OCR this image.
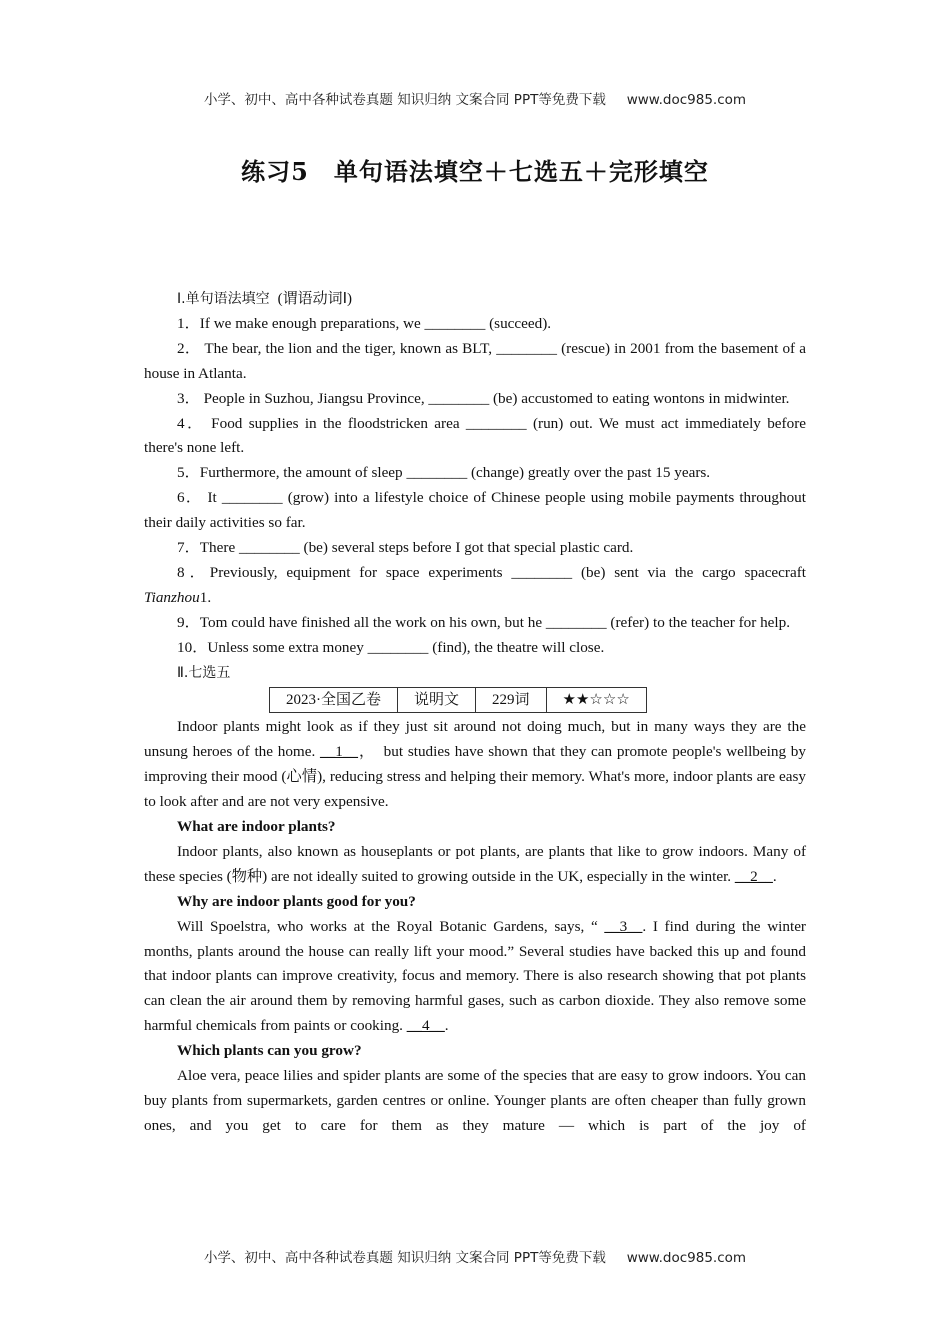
小学、初中、高中各种试卷真题 知识归纳 文案合同 PPT等免费下载 www.doc985.com
练习5　单句语法填空＋七选五＋完形填空

Ⅰ.单句语法填空 (谓语动词Ⅰ)

1．If we make enough preparations, we ________ (succeed).

2． The bear, the lion and the tiger, known as BLT, ________ (rescue) in 2001 from the basement of a house in Atlanta.

3． People in Suzhou, Jiangsu Province, ________ (be) accustomed to eating wontons in midwinter.

4． Food supplies in the floodstricken area ________ (run) out. We must act immediately before there's none left.

5．Furthermore, the amount of sleep ________ (change) greatly over the past 15 years.

6． It ________ (grow) into a lifestyle choice of Chinese people using mobile payments throughout their daily activities so far.

7．There ________ (be) several steps before I got that special plastic card.

8．Previously, equipment for space experiments ________ (be) sent via the cargo spacecraft Tianzhou1.

9．Tom could have finished all the work on his own, but he ________ (refer) to the teacher for help.

10．Unless some extra money ________ (find), the theatre will close.

Ⅱ.七选五

2023·全国乙卷	说明文	229词	★★☆☆☆

Indoor plants might look as if they just sit around not doing much, but in many ways they are the unsung heroes of the home. __1__，　but studies have shown that they can promote people's wellbeing by improving their mood (心情), reducing stress and helping their memory. What's more, indoor plants are easy to look after and are not very expensive.

What are indoor plants?

Indoor plants, also known as houseplants or pot plants, are plants that like to grow indoors. Many of these species (物种) are not ideally suited to growing outside in the UK, especially in the winter. __2__.

Why are indoor plants good for you?

Will Spoelstra, who works at the Royal Botanic Gardens, says, “ __3__. I find during the winter months, plants around the house can really lift your mood.” Several studies have backed this up and found that indoor plants can improve creativity, focus and memory. There is also research showing that pot plants can clean the air around them by removing harmful gases, such as carbon dioxide. They also remove some harmful chemicals from paints or cooking. __4__.

Which plants can you grow?

Aloe vera, peace lilies and spider plants are some of the species that are easy to grow indoors. You can buy plants from supermarkets, garden centres or online. Younger plants are often cheaper than fully grown ones, and you get to care for them as they mature — which is part of the joy of

小学、初中、高中各种试卷真题 知识归纳 文案合同 PPT等免费下载 www.doc985.com
